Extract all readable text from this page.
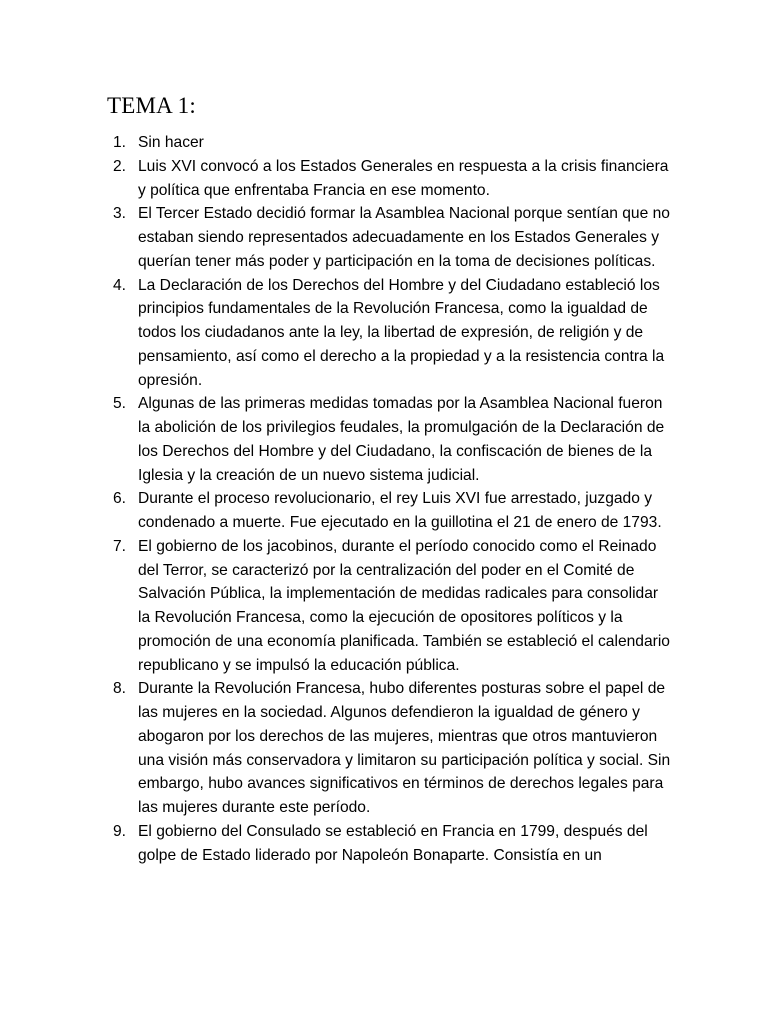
TEMA 1:
1. Sin hacer
2. Luis XVI convocó a los Estados Generales en respuesta a la crisis financiera y política que enfrentaba Francia en ese momento.
3. El Tercer Estado decidió formar la Asamblea Nacional porque sentían que no estaban siendo representados adecuadamente en los Estados Generales y querían tener más poder y participación en la toma de decisiones políticas.
4. La Declaración de los Derechos del Hombre y del Ciudadano estableció los principios fundamentales de la Revolución Francesa, como la igualdad de todos los ciudadanos ante la ley, la libertad de expresión, de religión y de pensamiento, así como el derecho a la propiedad y a la resistencia contra la opresión.
5. Algunas de las primeras medidas tomadas por la Asamblea Nacional fueron la abolición de los privilegios feudales, la promulgación de la Declaración de los Derechos del Hombre y del Ciudadano, la confiscación de bienes de la Iglesia y la creación de un nuevo sistema judicial.
6. Durante el proceso revolucionario, el rey Luis XVI fue arrestado, juzgado y condenado a muerte. Fue ejecutado en la guillotina el 21 de enero de 1793.
7. El gobierno de los jacobinos, durante el período conocido como el Reinado del Terror, se caracterizó por la centralización del poder en el Comité de Salvación Pública, la implementación de medidas radicales para consolidar la Revolución Francesa, como la ejecución de opositores políticos y la promoción de una economía planificada. También se estableció el calendario republicano y se impulsó la educación pública.
8. Durante la Revolución Francesa, hubo diferentes posturas sobre el papel de las mujeres en la sociedad. Algunos defendieron la igualdad de género y abogaron por los derechos de las mujeres, mientras que otros mantuvieron una visión más conservadora y limitaron su participación política y social. Sin embargo, hubo avances significativos en términos de derechos legales para las mujeres durante este período.
9. El gobierno del Consulado se estableció en Francia en 1799, después del golpe de Estado liderado por Napoleón Bonaparte. Consistía en un
